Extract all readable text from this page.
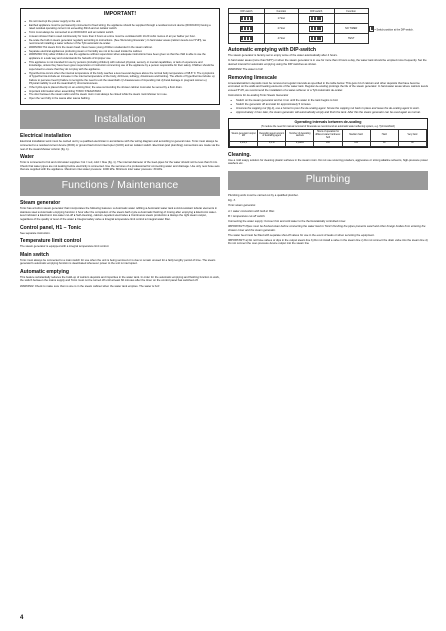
IMPORTANT!
● Do not interrupt the power supply to the unit.
● Earthed appliance must be permanently connected to fixed wiring; the appliance should be supplied through a residual current device (RCD/GFCI) having a rated residual operating current not exceeding 30mA and an isolator switch.
● Tonic must always be connected to an RCD/GFCI and an isolator switch.
● A steam shower that is used continuously for more than 2 hours at a time must be ventilated with 10-20 cubic metres of air per bather per hour.
● De-scale the built-in steam generator regularly according to instructions. (See 'Removing limescale'.) In hard water areas (calcium levels over 5°dH), we recommend installing a water softener of the Tylö automatic de-scaler.
● WARNING! Hot steam from the steam head. Never leave young children unattended in the steam cabinet.
● Separate electrical appliances producing steam or humidity are not to be used inside the cabinet.
● WARNING! Only allow children to use the appliance without supervision when adequate instructions have been given so that the child is able to use the appliance in a safe way and understands the hazards of improper use.
● This appliance is not intended for use by persons (including children) with reduced physical, sensory or mental capabilities, or lack of experience and knowledge, unless they have been given supervision or instruction concerning use of the appliance by a person responsible for their safety. Children should be supervised to ensure that they do not play with the appliance.
● Hyperthermia occurs when the internal temperature of the body reaches a level several degrees above the normal body temperature of 98.6° F. The symptoms of hyperthermia include an increase in the internal temperature of the body, dizziness, lethargy, drowsiness and fainting. The effects of hyperthermia include: a) Failure to perceive heat b) Failure to recognize the need to exit the steambath c) Unawareness of impending risk d) Fetal damage in pregnant women e) Physical inability to exit the steambath f) Unconsciousness.
● If the hydro-spa is placed directly on an existing floor, the area surrounding the shower cabinet must also be served by a floor drain.
● Important information when assembling TONIC STEAM 80/10
● The door between the steam cabin and the steam room must always be closed while the steam room/shower is in use.
● Open the vent fully in the sauna after sauna bathing.
Installation
Electrical installation
Electrical installation work must be carried out by a qualified electrician in accordance with the wiring diagram and according to general rules. Tonic must always be connected to a residual current device (RCD) or ground fault circuit interrupter (GCFI) and an isolator switch. Electrical (and plumbing) connections are made via the rear of the steam/shower column (fig. 1).
Water
Tonic is connected to hot and cold water supplies: hot = red, cold = blue (fig. 1). The internal diameter of the feed-pipes for the water should not be less than 6 mm. Check that water pipes are not leaking before electricity is connected. Use the services of a professional for connecting water and drainage. Use only new hose-sets that are supplied with the appliance. Maximum inlet water pressure: 1000 kPa. Minimum inlet water pressure: 30 kPa.
Functions / Maintenance
Steam generator
Tonic has a built-in steam generator that incorporates the following features: ● Automatic water refilling ● Automatic water tank ● Acid-resistant tubular elements in stainless steel ● Automatic emptying function 1 hour after the completion of the steam bath cycle ● Automatic flushing of rinsing after emptying ● Electronic water-level indicator ● Electronic low-water cut-off ● Self-cleaning, calcium-repellent electrodes ● Continuous steam production ● Always the right steam output, regardless of the quality or level of the water ● Integral safety valve ● Integral temperature limit control ● Integral water filter.
Control panel, H1 – Tonic
See separate instruction.
Temperature limit control
The steam generator is equipped with a integral temperature limit control.
Main switch
Tonic must always be connected to a main switch for use when the unit is being serviced or is due to remain unused for a fairly lengthy period of time. The steam generator's automatic emptying function is deactivated whenever power to the unit is interrupted.
Automatic emptying
This feature substantially reduces the build-up of calcium deposits and impurities in the water tank. In order for the automatic emptying and flushing function to work, the switch between the mains supply and Tonic must not be turned off until at least 60 minutes after the timer on the control panel has switched off.
WARNING! Check to make sure that no one is in the steam cabinet when the water tank empties. The water is hot!
DIP-switch	Function	DIP-switch	Function	

	1 Hour			= Switch position at the DIP-switch.

	2 Hour		NO TIMER	

	4 Hour		TEST	
Automatic emptying with DIP-switch
The steam generator is factory-set to empty some of the water automatically after 4 hours.
In hard water areas (more than 5dH°) or when the steam generator is in use for more than 4 hours a day, the water tank should be emptied more frequently. Set the desired interval for automatic emptying using the DIP switches as shown.
WARNING! The water is hot!
Removing limescale
Limescale/calcium deposits must be removed at regular intervals as specified in the table below. This gets rid of calcium and other deposits that have become encrusted on the walls and heating elements of the water tank. Regular de-scaling prolongs the life of the steam generator. In hard-water areas where calcium levels exceed 5°dH, we recommend the installation of a water-softener or a Tylö Automatic de-scaler.
Instructions for de-scaling Tonic Steam Generator
● Switch on the steam generator and let it run until the water in the tank begins to boil.
● Switch the generator off and wait for approximately 5 minutes.
● Unscrew the capping nut (fig 2), use a funnel to pour the de-scaling agent. Screw the capping nut back in place and leave the de-scaling agent to work.
● Approximately 1 hour later, the steam generator will automatically empty and flush the tank. After this the steam generator can be used again as normal.
Operating intervals between de-scaling
(To reduce the need for manual removal of limescale we recommend an automatic water softening system, e.g. Tylö Autoflush)
Steam generator output kW	Descaling agent amount of descaling agent	Number of descaling sachets	Hours of operation for different water hardness: Soft	Medium hard	Hard	Very hard
2,2/4,5	5,0 dl	2 packs	200	120	80	40
Cleaning.
Use a mild soapy solution for cleaning plastic surfaces in the steam room. Do not use scouring powders, aggressive or strong alkaline solvents, high-pressure power washers etc.
Plumbing
Plumbing work must be carried out by a qualified plumber.
Fig. 3.
Tonic steam generator.
A = water connection with built-in filter.
B = temperature cut-off switch.
Connecting the water supply: Connect hot and cold water to the thermostatically controlled mixer.
IMPORTANT! Pipes must be flushed clean before connecting the water feed to Tonic! Flushing the pipes prevents swarf and other foreign bodies from entering the shower mixer and the steam generator.
The water feed must be fitted with separate shut-off valves for use in the event of leaks or when servicing the equipment.
IMPORTANT! a) Do not have valves or dips in the output steam line b) Do not install a valve in the steam line c) Do not connect the drain valve into the steam line d) Do not connect the over-pressure device output into the steam line
4
